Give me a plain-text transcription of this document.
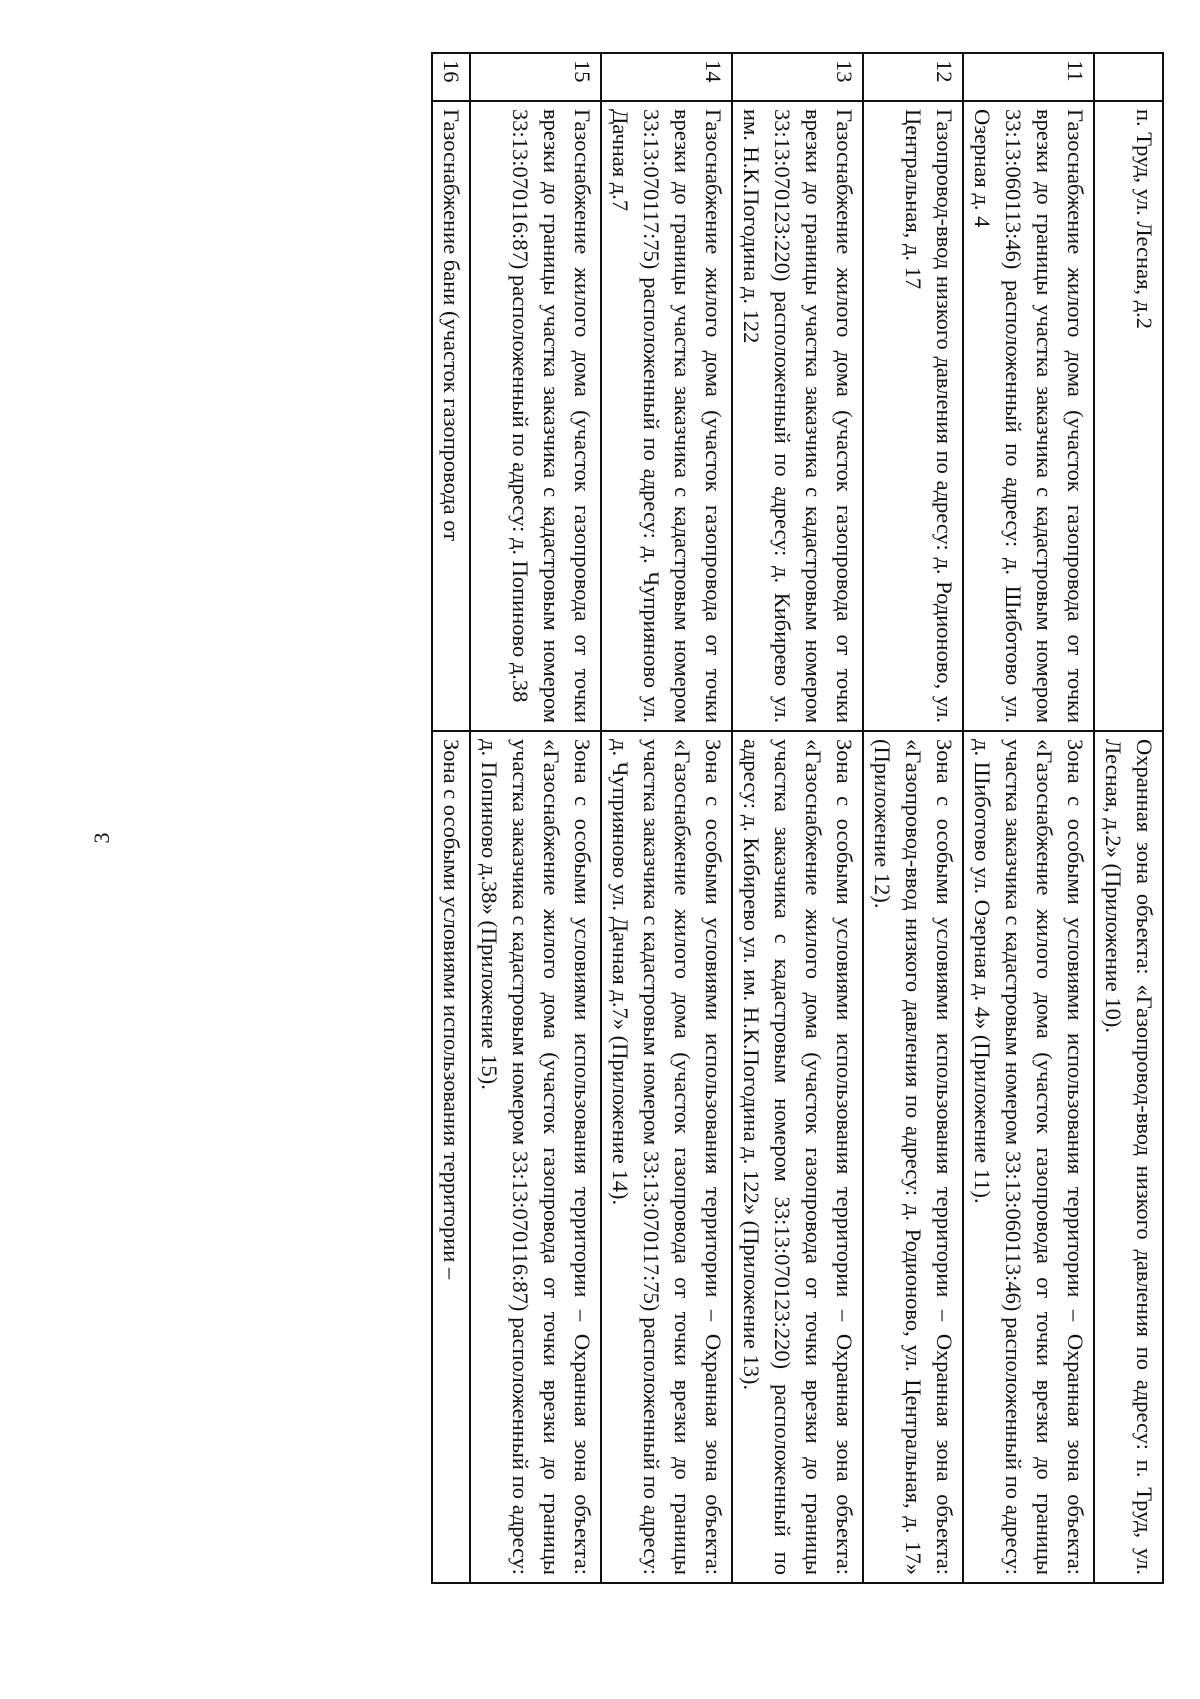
3
	п. Труд, ул. Лесная, д.2	Охранная зона объекта: «Газопровод-ввод низкого давления по адресу: п. Труд, ул. Лесная, д.2» (Приложение 10).
11	Газоснабжение жилого дома (участок газопровода от точки врезки до границы участка заказчика с кадастровым номером 33:13:060113:46) расположенный по адресу: д. Шиботово ул. Озерная д. 4	Зона с особыми условиями использования территории – Охранная зона объекта: «Газоснабжение жилого дома (участок газопровода от точки врезки до границы участка заказчика с кадастровым номером 33:13:060113:46) расположенный по адресу: д. Шиботово ул. Озерная д. 4» (Приложение 11).
12	Газопровод-ввод низкого давления по адресу: д. Родионово, ул. Центральная, д. 17	Зона с особыми условиями использования территории – Охранная зона объекта: «Газопровод-ввод низкого давления по адресу: д. Родионово, ул. Центральная, д. 17» (Приложение 12).
13	Газоснабжение жилого дома (участок газопровода от точки врезки до границы участка заказчика с кадастровым номером 33:13:070123:220) расположенный по адресу: д. Кибирево ул. им. Н.К.Погодина д. 122	Зона с особыми условиями использования территории – Охранная зона объекта: «Газоснабжение жилого дома (участок газопровода от точки врезки до границы участка заказчика с кадастровым номером 33:13:070123:220) расположенный по адресу: д. Кибирево ул. им. Н.К.Погодина д. 122» (Приложение 13).
14	Газоснабжение жилого дома (участок газопровода от точки врезки до границы участка заказчика с кадастровым номером 33:13:070117:75) расположенный по адресу: д. Чуприяново ул. Дачная д.7	Зона с особыми условиями использования территории – Охранная зона объекта: «Газоснабжение жилого дома (участок газопровода от точки врезки до границы участка заказчика с кадастровым номером 33:13:070117:75) расположенный по адресу: д. Чуприяново ул. Дачная д.7» (Приложение 14).
15	Газоснабжение жилого дома (участок газопровода от точки врезки до границы участка заказчика с кадастровым номером 33:13:070116:87) расположенный по адресу: д. Попиново д.38	Зона с особыми условиями использования территории – Охранная зона объекта: «Газоснабжение жилого дома (участок газопровода от точки врезки до границы участка заказчика с кадастровым номером 33:13:070116:87) расположенный по адресу: д. Попиново д.38» (Приложение 15).
16	Газоснабжение бани (участок газопровода от	Зона с особыми условиями использования территории –
